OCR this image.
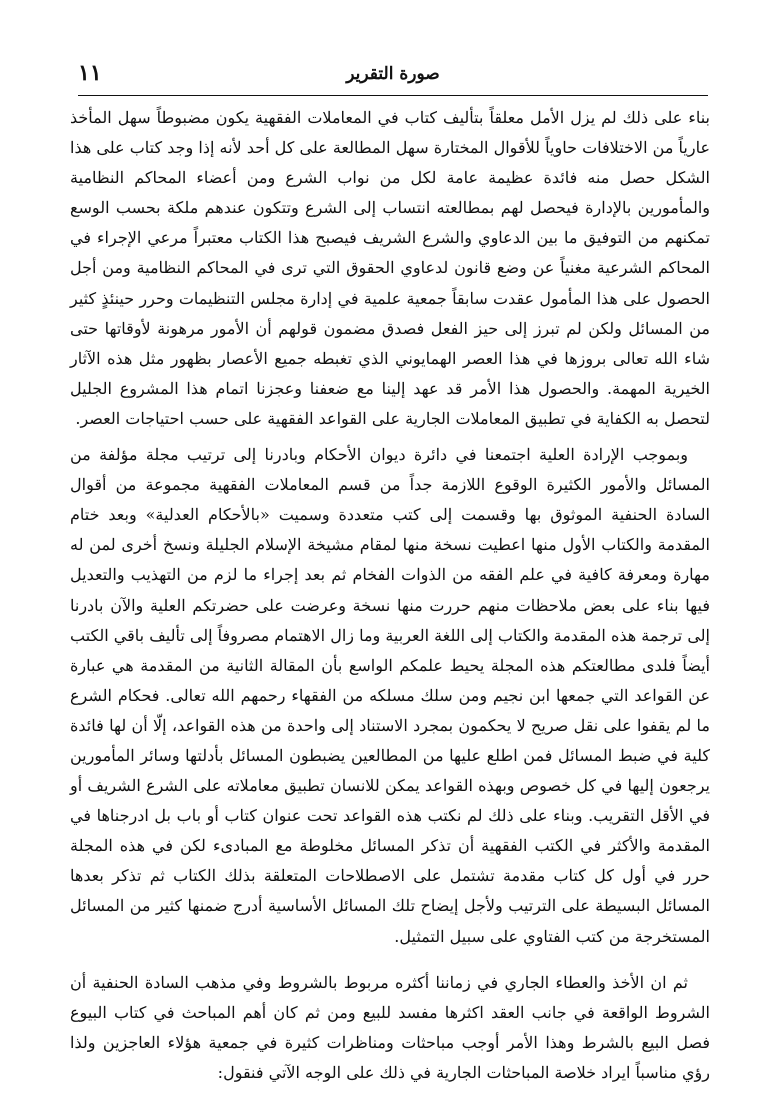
١١	صورة التقرير

بناء على ذلك لم يزل الأمل معلقاً بتأليف كتاب في المعاملات الفقهية يكون مضبوطاً سهل المأخذ عارياً من الاختلافات حاوياً للأقوال المختارة سهل المطالعة على كل أحد لأنه إذا وجد كتاب على هذا الشكل حصل منه فائدة عظيمة عامة لكل من نواب الشرع ومن أعضاء المحاكم النظامية والمأمورين بالإدارة فيحصل لهم بمطالعته انتساب إلى الشرع وتتكون عندهم ملكة بحسب الوسع تمكنهم من التوفيق ما بين الدعاوي والشرع الشريف فيصبح هذا الكتاب معتبراً مرعي الإجراء في المحاكم الشرعية مغنياً عن وضع قانون لدعاوي الحقوق التي ترى في المحاكم النظامية ومن أجل الحصول على هذا المأمول عقدت سابقاً جمعية علمية في إدارة مجلس التنظيمات وحرر حينئذٍ كثير من المسائل ولكن لم تبرز إلى حيز الفعل فصدق مضمون قولهم أن الأمور مرهونة لأوقاتها حتى شاء الله تعالى بروزها في هذا العصر الهمايوني الذي تغبطه جميع الأعصار بظهور مثل هذه الآثار الخيرية المهمة. والحصول هذا الأمر قد عهد إلينا مع ضعفنا وعجزنا اتمام هذا المشروع الجليل لتحصل به الكفاية في تطبيق المعاملات الجارية على القواعد الفقهية على حسب احتياجات العصر.

وبموجب الإرادة العلية اجتمعنا في دائرة ديوان الأحكام وبادرنا إلى ترتيب مجلة مؤلفة من المسائل والأمور الكثيرة الوقوع اللازمة جداً من قسم المعاملات الفقهية مجموعة من أقوال السادة الحنفية الموثوق بها وقسمت إلى كتب متعددة وسميت «بالأحكام العدلية» وبعد ختام المقدمة والكتاب الأول منها اعطيت نسخة منها لمقام مشيخة الإسلام الجليلة ونسخ أخرى لمن له مهارة ومعرفة كافية في علم الفقه من الذوات الفخام ثم بعد إجراء ما لزم من التهذيب والتعديل فيها بناء على بعض ملاحظات منهم حررت منها نسخة وعرضت على حضرتكم العلية والآن بادرنا إلى ترجمة هذه المقدمة والكتاب إلى اللغة العربية وما زال الاهتمام مصروفاً إلى تأليف باقي الكتب أيضاً فلدى مطالعتكم هذه المجلة يحيط علمكم الواسع بأن المقالة الثانية من المقدمة هي عبارة عن القواعد التي جمعها ابن نجيم ومن سلك مسلكه من الفقهاء رحمهم الله تعالى. فحكام الشرع ما لم يقفوا على نقل صريح لا يحكمون بمجرد الاستناد إلى واحدة من هذه القواعد، إلّا أن لها فائدة كلية في ضبط المسائل فمن اطلع عليها من المطالعين يضبطون المسائل بأدلتها وسائر المأمورين يرجعون إليها في كل خصوص وبهذه القواعد يمكن للانسان تطبيق معاملاته على الشرع الشريف أو في الأقل التقريب. وبناء على ذلك لم نكتب هذه القواعد تحت عنوان كتاب أو باب بل ادرجناها في المقدمة والأكثر في الكتب الفقهية أن تذكر المسائل مخلوطة مع المبادىء لكن في هذه المجلة حرر في أول كل كتاب مقدمة تشتمل على الاصطلاحات المتعلقة بذلك الكتاب ثم تذكر بعدها المسائل البسيطة على الترتيب ولأجل إيضاح تلك المسائل الأساسية أدرج ضمنها كثير من المسائل المستخرجة من كتب الفتاوي على سبيل التمثيل.

ثم ان الأخذ والعطاء الجاري في زماننا أكثره مربوط بالشروط وفي مذهب السادة الحنفية أن الشروط الواقعة في جانب العقد اكثرها مفسد للبيع ومن ثم كان أهم المباحث في كتاب البيوع فصل البيع بالشرط وهذا الأمر أوجب مباحثات ومناظرات كثيرة في جمعية هؤلاء العاجزين ولذا رؤي مناسباً ايراد خلاصة المباحثات الجارية في ذلك على الوجه الآتي فنقول:
